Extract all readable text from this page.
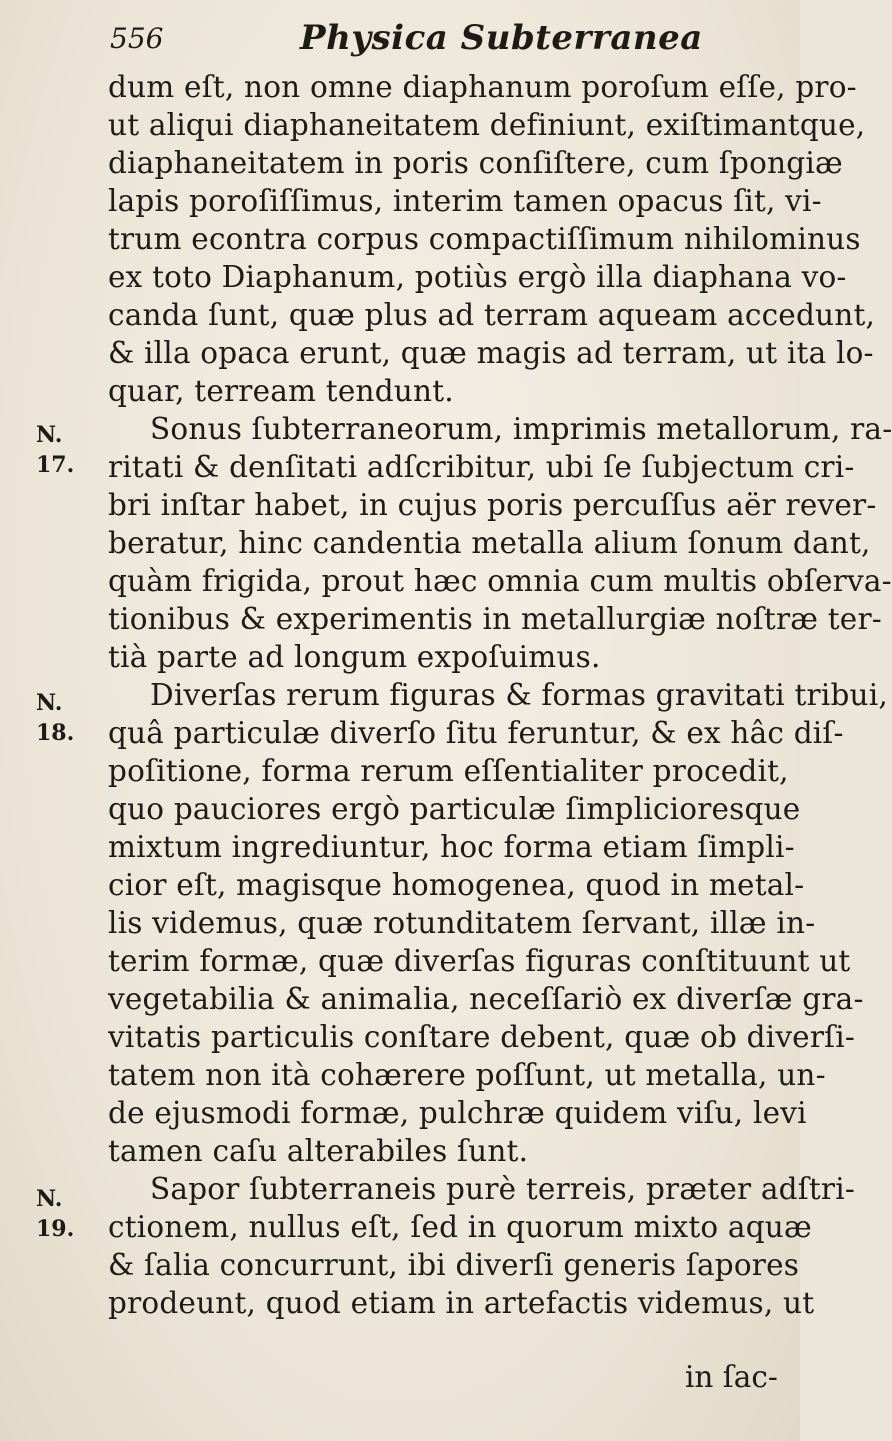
556	Physica Subterranea
N.
17.
N.
18.
N.
19.
dum eſt, non omne diaphanum poroſum eſſe, pro-
ut aliqui diaphaneitatem definiunt, exiſtimantque,
diaphaneitatem in poris conſiſtere, cum ſpongiæ
lapis poroſiſſimus, interim tamen opacus ſit, vi-
trum econtra corpus compactiſſimum nihilominus
ex toto Diaphanum, potiùs ergò illa diaphana vo-
canda ſunt, quæ plus ad terram aqueam accedunt,
& illa opaca erunt, quæ magis ad terram, ut ita lo-
quar, terream tendunt.
Sonus ſubterraneorum, imprimis metallorum, ra-
ritati & denſitati adſcribitur, ubi ſe ſubjectum cri-
bri inſtar habet, in cujus poris percuſſus aër rever-
beratur, hinc candentia metalla alium ſonum dant,
quàm frigida, prout hæc omnia cum multis obſerva-
tionibus & experimentis in metallurgiæ noſtræ ter-
tià parte ad longum expoſuimus.
Diverſas rerum figuras & formas gravitati tribui,
quâ particulæ diverſo ſitu feruntur, & ex hâc diſ-
poſitione, forma rerum eſſentialiter procedit,
quo pauciores ergò particulæ ſimplicioresque
mixtum ingrediuntur, hoc forma etiam ſimpli-
cior eſt, magisque homogenea, quod in metal-
lis videmus, quæ rotunditatem ſervant, illæ in-
terim formæ, quæ diverſas figuras conſtituunt ut
vegetabilia & animalia, neceſſariò ex diverſæ gra-
vitatis particulis conſtare debent, quæ ob diverſi-
tatem non ità cohærere poſſunt, ut metalla, un-
de ejusmodi formæ, pulchræ quidem viſu, levi
tamen caſu alterabiles ſunt.
Sapor ſubterraneis purè terreis, præter adſtri-
ctionem, nullus eſt, ſed in quorum mixto aquæ
& ſalia concurrunt, ibi diverſi generis ſapores
prodeunt, quod etiam in artefactis videmus, ut
in ſac-
